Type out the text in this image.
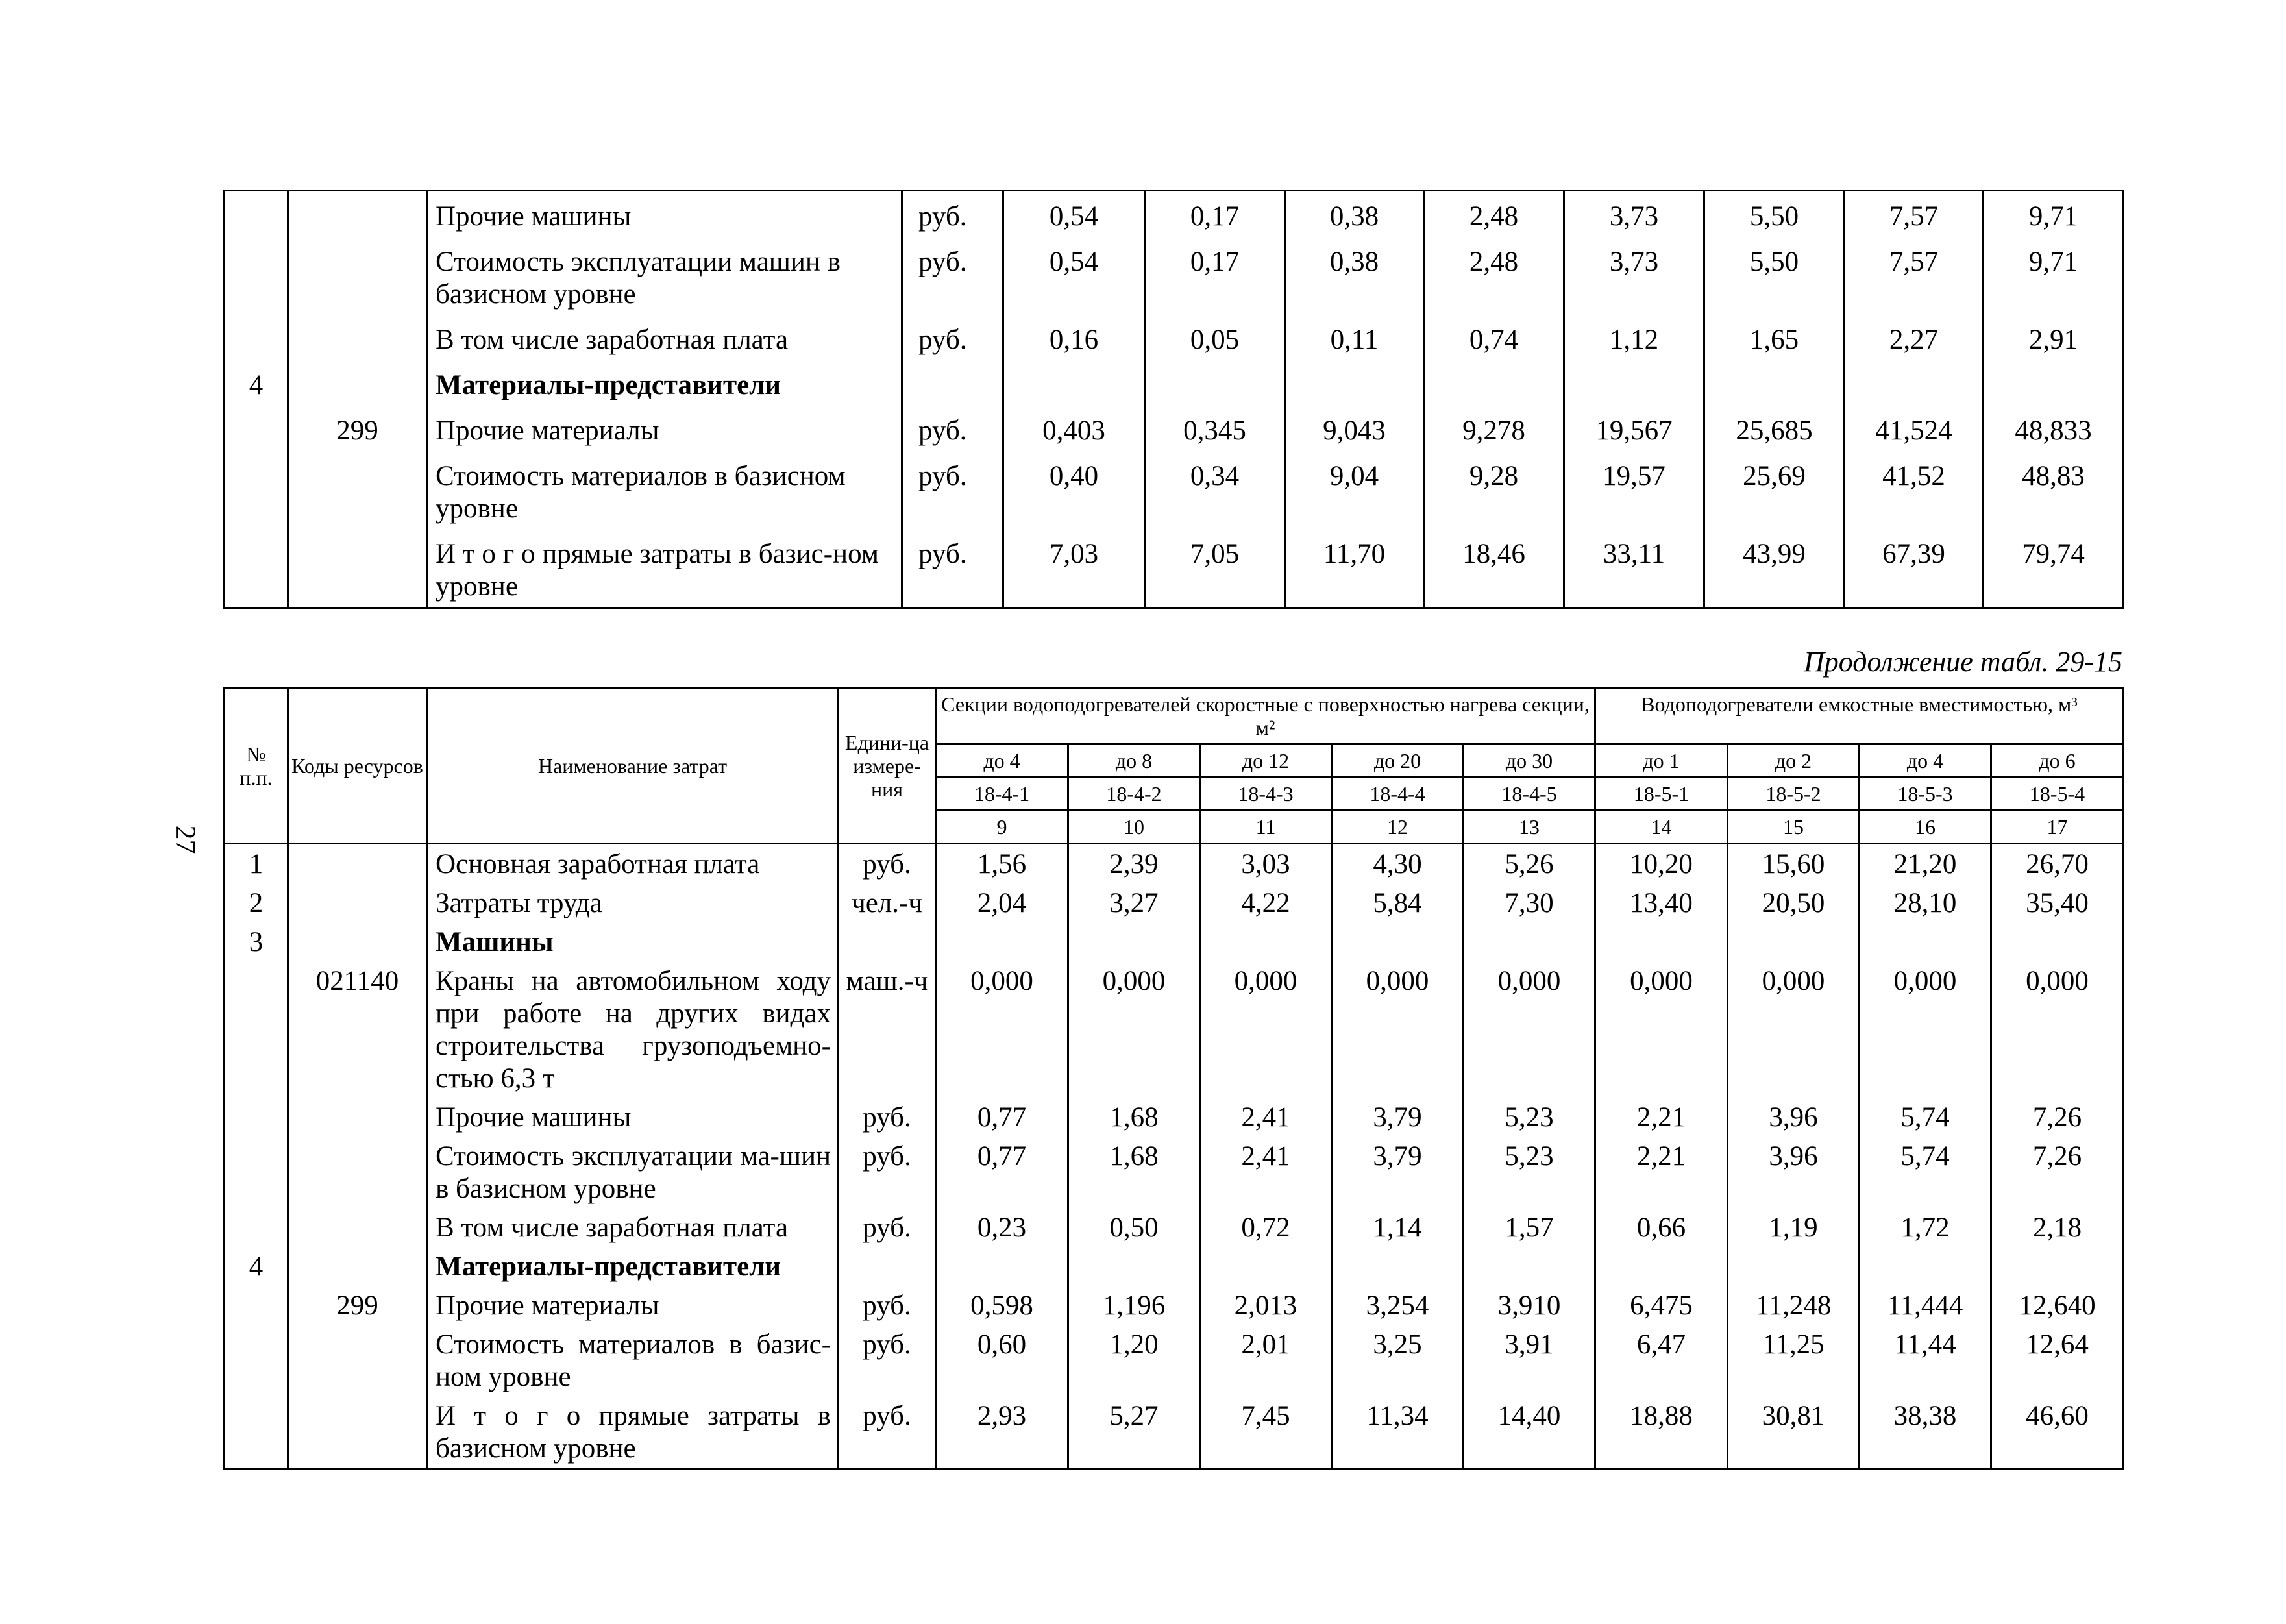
27
		Прочие машины	руб.	0,54	0,17	0,38	2,48	3,73	5,50	7,57	9,71
		Стоимость эксплуатации машин в базисном уровне	руб.	0,54	0,17	0,38	2,48	3,73	5,50	7,57	9,71
		В том числе заработная плата	руб.	0,16	0,05	0,11	0,74	1,12	1,65	2,27	2,91
4		Материалы-представители									
	299	Прочие материалы	руб.	0,403	0,345	9,043	9,278	19,567	25,685	41,524	48,833
		Стоимость материалов в базисном уровне	руб.	0,40	0,34	9,04	9,28	19,57	25,69	41,52	48,83
		И т о г о прямые затраты в базис-ном уровне	руб.	7,03	7,05	11,70	18,46	33,11	43,99	67,39	79,74
Продолжение табл. 29-15
№ п.п.	Коды ресурсов	Наименование затрат	Едини-ца измере-ния	Секции водоподогревателей скоростные с поверхностью нагрева секции, м²					Водоподогреватели емкостные вместимостью, м³			
				до 4	до 8	до 12	до 20	до 30	до 1	до 2	до 4	до 6
				18-4-1	18-4-2	18-4-3	18-4-4	18-4-5	18-5-1	18-5-2	18-5-3	18-5-4
				9	10	11	12	13	14	15	16	17
1		Основная заработная плата	руб.	1,56	2,39	3,03	4,30	5,26	10,20	15,60	21,20	26,70
2		Затраты труда	чел.-ч	2,04	3,27	4,22	5,84	7,30	13,40	20,50	28,10	35,40
3		Машины										
	021140	Краны на автомобильном ходу при работе на других видах строительства грузоподъемно-стью 6,3 т	маш.-ч	0,000	0,000	0,000	0,000	0,000	0,000	0,000	0,000	0,000
		Прочие машины	руб.	0,77	1,68	2,41	3,79	5,23	2,21	3,96	5,74	7,26
		Стоимость эксплуатации ма-шин в базисном уровне	руб.	0,77	1,68	2,41	3,79	5,23	2,21	3,96	5,74	7,26
		В том числе заработная плата	руб.	0,23	0,50	0,72	1,14	1,57	0,66	1,19	1,72	2,18
4		Материалы-представители										
	299	Прочие материалы	руб.	0,598	1,196	2,013	3,254	3,910	6,475	11,248	11,444	12,640
		Стоимость материалов в базис-ном уровне	руб.	0,60	1,20	2,01	3,25	3,91	6,47	11,25	11,44	12,64
		И т о г о прямые затраты в базисном уровне	руб.	2,93	5,27	7,45	11,34	14,40	18,88	30,81	38,38	46,60
